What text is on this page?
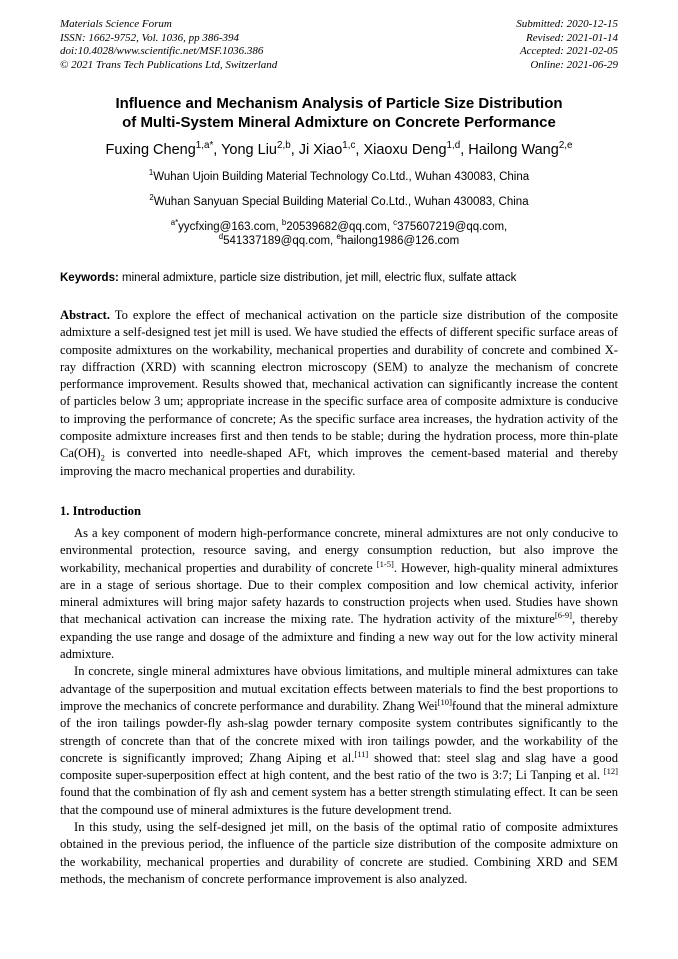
Materials Science Forum
ISSN: 1662-9752, Vol. 1036, pp 386-394
doi:10.4028/www.scientific.net/MSF.1036.386
© 2021 Trans Tech Publications Ltd, Switzerland
Submitted: 2020-12-15
Revised: 2021-01-14
Accepted: 2021-02-05
Online: 2021-06-29
Influence and Mechanism Analysis of Particle Size Distribution
of Multi-System Mineral Admixture on Concrete Performance
Fuxing Cheng$^{1,a*}$, Yong Liu$^{2,b}$, Ji Xiao$^{1,c}$, Xiaoxu Deng$^{1,d}$, Hailong Wang$^{2,e}$
$^1$Wuhan Ujoin Building Material Technology Co.Ltd., Wuhan 430083, China
$^2$Wuhan Sanyuan Special Building Material Co.Ltd., Wuhan 430083, China
$^{a*}$yycfxing@163.com, $^b$20539682@qq.com, $^c$375607219@qq.com,
$^d$541337189@qq.com, $^e$hailong1986@126.com
Keywords: mineral admixture, particle size distribution, jet mill, electric flux, sulfate attack
Abstract. To explore the effect of mechanical activation on the particle size distribution of the composite admixture a self-designed test jet mill is used. We have studied the effects of different specific surface areas of composite admixtures on the workability, mechanical properties and durability of concrete and combined X-ray diffraction (XRD) with scanning electron microscopy (SEM) to analyze the mechanism of concrete performance improvement. Results showed that, mechanical activation can significantly increase the content of particles below 3 um; appropriate increase in the specific surface area of composite admixture is conducive to improving the performance of concrete; As the specific surface area increases, the hydration activity of the composite admixture increases first and then tends to be stable; during the hydration process, more thin-plate $Ca(OH)_2$ is converted into needle-shaped AFt, which improves the cement-based material and thereby improving the macro mechanical properties and durability.
1. Introduction

As a key component of modern high-performance concrete, mineral admixtures are not only conducive to environmental protection, resource saving, and energy consumption reduction, but also improve the workability, mechanical properties and durability of concrete [1-5]. However, high-quality mineral admixtures are in a stage of serious shortage. Due to their complex composition and low chemical activity, inferior mineral admixtures will bring major safety hazards to construction projects when used. Studies have shown that mechanical activation can increase the mixing rate. The hydration activity of the mixture[6-9], thereby expanding the use range and dosage of the admixture and finding a new way out for the low activity mineral admixture.

In concrete, single mineral admixtures have obvious limitations, and multiple mineral admixtures can take advantage of the superposition and mutual excitation effects between materials to find the best proportions to improve the mechanics of concrete performance and durability. Zhang Wei[10]found that the mineral admixture of the iron tailings powder-fly ash-slag powder ternary composite system contributes significantly to the strength of concrete than that of the concrete mixed with iron tailings powder, and the workability of the concrete is significantly improved; Zhang Aiping et al.[11] showed that: steel slag and slag have a good composite super-superposition effect at high content, and the best ratio of the two is 3:7; Li Tanping et al. [12] found that the combination of fly ash and cement system has a better strength stimulating effect. It can be seen that the compound use of mineral admixtures is the future development trend.

In this study, using the self-designed jet mill, on the basis of the optimal ratio of composite admixtures obtained in the previous period, the influence of the particle size distribution of the composite admixture on the workability, mechanical properties and durability of concrete are studied. Combining XRD and SEM methods, the mechanism of concrete performance improvement is also analyzed.
